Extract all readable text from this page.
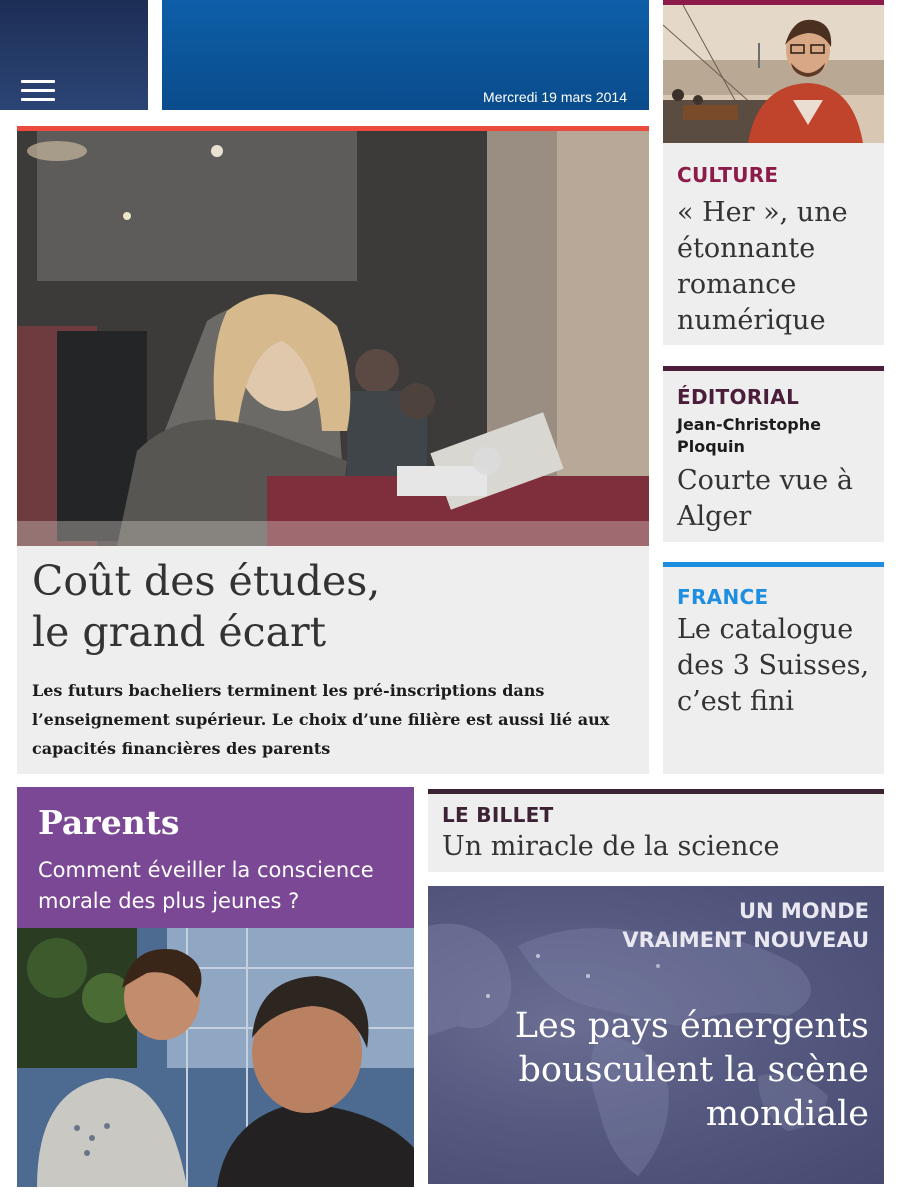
Mercredi 19 mars 2014
Coût des études,
le grand écart
Les futurs bacheliers terminent les pré-inscriptions dans l’enseignement supérieur. Le choix d’une filière est aussi lié aux capacités financières des parents
CULTURE
« Her », une étonnante romance numérique
ÉDITORIAL
Jean-Christophe Ploquin
Courte vue à Alger
FRANCE
Le catalogue des 3 Suisses, c’est fini
Parents
Comment éveiller la conscience morale des plus jeunes ?
LE BILLET
Un miracle de la science
UN MONDE
VRAIMENT NOUVEAU
Les pays émergents
bousculent la scène
mondiale
